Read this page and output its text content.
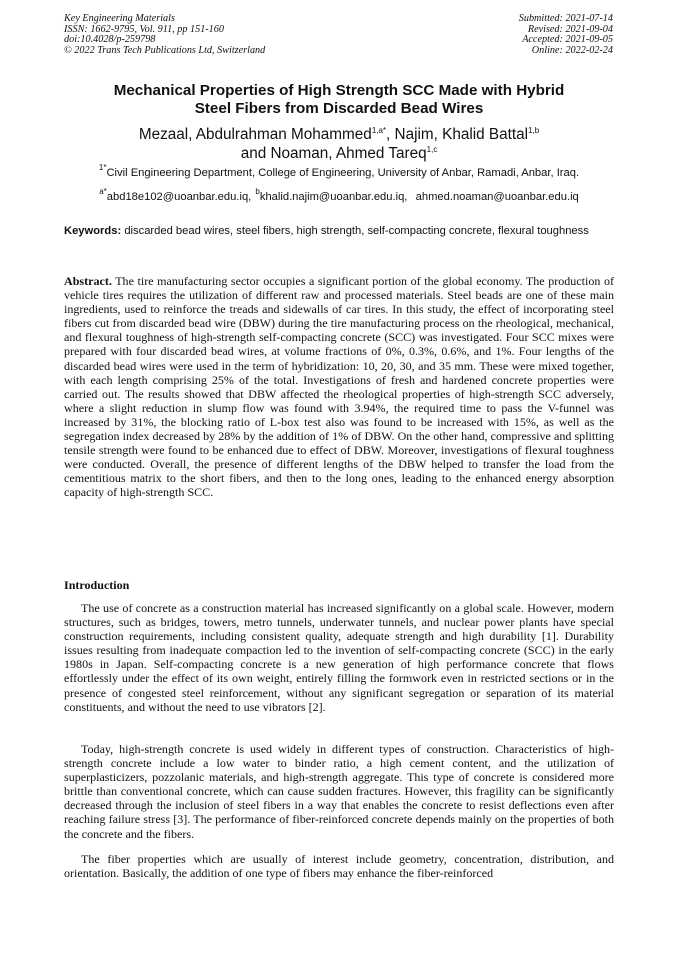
Key Engineering Materials
ISSN: 1662-9795, Vol. 911, pp 151-160
doi:10.4028/p-259798
© 2022 Trans Tech Publications Ltd, Switzerland
Submitted: 2021-07-14
Revised: 2021-09-04
Accepted: 2021-09-05
Online: 2022-02-24
Mechanical Properties of High Strength SCC Made with Hybrid
Steel Fibers from Discarded Bead Wires
Mezaal, Abdulrahman Mohammed$^{1,a*}$, Najim, Khalid Battal$^{1,b}$
and Noaman, Ahmed Tareq$^{1,c}$
$^{1*}$Civil Engineering Department, College of Engineering, University of Anbar, Ramadi, Anbar, Iraq.
$^{a*}$abd18e102@uoanbar.edu.iq, $^b$khalid.najim@uoanbar.edu.iq, ahmed.noaman@uoanbar.edu.iq
Keywords: discarded bead wires, steel fibers, high strength, self-compacting concrete, flexural toughness

Abstract. The tire manufacturing sector occupies a significant portion of the global economy. The production of vehicle tires requires the utilization of different raw and processed materials. Steel beads are one of these main ingredients, used to reinforce the treads and sidewalls of car tires. In this study, the effect of incorporating steel fibers cut from discarded bead wire (DBW) during the tire manufacturing process on the rheological, mechanical, and flexural toughness of high-strength self-compacting concrete (SCC) was investigated. Four SCC mixes were prepared with four discarded bead wires, at volume fractions of 0%, 0.3%, 0.6%, and 1%. Four lengths of the discarded bead wires were used in the term of hybridization: 10, 20, 30, and 35 mm. These were mixed together, with each length comprising 25% of the total. Investigations of fresh and hardened concrete properties were carried out. The results showed that DBW affected the rheological properties of high-strength SCC adversely, where a slight reduction in slump flow was found with 3.94%, the required time to pass the V-funnel was increased by 31%, the blocking ratio of L-box test also was found to be increased with 15%, as well as the segregation index decreased by 28% by the addition of 1% of DBW. On the other hand, compressive and splitting tensile strength were found to be enhanced due to effect of DBW. Moreover, investigations of flexural toughness were conducted. Overall, the presence of different lengths of the DBW helped to transfer the load from the cementitious matrix to the short fibers, and then to the long ones, leading to the enhanced energy absorption capacity of high-strength SCC.

Introduction

The use of concrete as a construction material has increased significantly on a global scale. However, modern structures, such as bridges, towers, metro tunnels, underwater tunnels, and nuclear power plants have special construction requirements, including consistent quality, adequate strength and high durability [1]. Durability issues resulting from inadequate compaction led to the invention of self-compacting concrete (SCC) in the early 1980s in Japan. Self-compacting concrete is a new generation of high performance concrete that flows effortlessly under the effect of its own weight, entirely filling the formwork even in restricted sections or in the presence of congested steel reinforcement, without any significant segregation or separation of its material constituents, and without the need to use vibrators [2].

Today, high-strength concrete is used widely in different types of construction. Characteristics of high-strength concrete include a low water to binder ratio, a high cement content, and the utilization of superplasticizers, pozzolanic materials, and high-strength aggregate. This type of concrete is considered more brittle than conventional concrete, which can cause sudden fractures. However, this fragility can be significantly decreased through the inclusion of steel fibers in a way that enables the concrete to resist deflections even after reaching failure stress [3]. The performance of fiber-reinforced concrete depends mainly on the properties of both the concrete and the fibers.

The fiber properties which are usually of interest include geometry, concentration, distribution, and orientation. Basically, the addition of one type of fibers may enhance the fiber-reinforced
